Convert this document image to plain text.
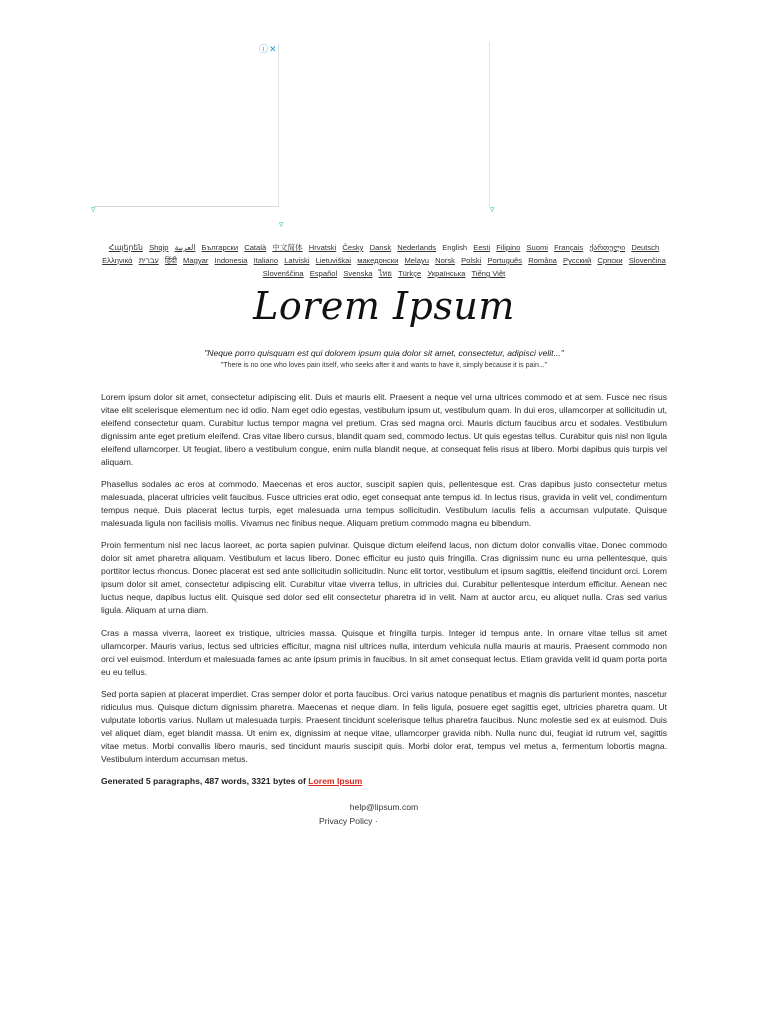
ⓘ✕
▿
▿
▿
Հայերեն Shqip العربية Български Català 中文简体 Hrvatski Česky Dansk Nederlands English Eesti Filipino Suomi Français ქართული Deutsch Ελληνικά עברית हिंदी Magyar Indonesia Italiano Latviski Lietuviškai македонски Melayu Norsk Polski Português Româna Pyccкий Српски Slovenčina Slovenščina Español Svenska ไทย Türkçe Українська Tiếng Việt
Lorem Ipsum
"Neque porro quisquam est qui dolorem ipsum quia dolor sit amet, consectetur, adipisci velit..."
"There is no one who loves pain itself, who seeks after it and wants to have it, simply because it is pain..."

Lorem ipsum dolor sit amet, consectetur adipiscing elit. Duis et mauris elit. Praesent a neque vel urna ultrices commodo et at sem. Fusce nec risus vitae elit scelerisque elementum nec id odio. Nam eget odio egestas, vestibulum ipsum ut, vestibulum quam. In dui eros, ullamcorper at sollicitudin ut, eleifend consectetur quam. Curabitur luctus tempor magna vel pretium. Cras sed magna orci. Mauris dictum faucibus arcu et sodales. Vestibulum dignissim ante eget pretium eleifend. Cras vitae libero cursus, blandit quam sed, commodo lectus. Ut quis egestas tellus. Curabitur quis nisl non ligula eleifend ullamcorper. Ut feugiat, libero a vestibulum congue, enim nulla blandit neque, at consequat felis risus at libero. Morbi dapibus quis turpis vel aliquam.

Phasellus sodales ac eros at commodo. Maecenas et eros auctor, suscipit sapien quis, pellentesque est. Cras dapibus justo consectetur metus malesuada, placerat ultricies velit faucibus. Fusce ultricies erat odio, eget consequat ante tempus id. In lectus risus, gravida in velit vel, condimentum tempus neque. Duis placerat lectus turpis, eget malesuada urna tempus sollicitudin. Vestibulum iaculis felis a accumsan vulputate. Quisque malesuada ligula non facilisis mollis. Vivamus nec finibus neque. Aliquam pretium commodo magna eu bibendum.

Proin fermentum nisl nec lacus laoreet, ac porta sapien pulvinar. Quisque dictum eleifend lacus, non dictum dolor convallis vitae. Donec commodo dolor sit amet pharetra aliquam. Vestibulum et lacus libero. Donec efficitur eu justo quis fringilla. Cras dignissim nunc eu urna pellentesque, quis porttitor lectus rhoncus. Donec placerat est sed ante sollicitudin sollicitudin. Nunc elit tortor, vestibulum et ipsum sagittis, eleifend tincidunt orci. Lorem ipsum dolor sit amet, consectetur adipiscing elit. Curabitur vitae viverra tellus, in ultricies dui. Curabitur pellentesque interdum efficitur. Aenean nec luctus neque, dapibus luctus elit. Quisque sed dolor sed elit consectetur pharetra id in velit. Nam at auctor arcu, eu aliquet nulla. Cras sed varius ligula. Aliquam at urna diam.

Cras a massa viverra, laoreet ex tristique, ultricies massa. Quisque et fringilla turpis. Integer id tempus ante. In ornare vitae tellus sit amet ullamcorper. Mauris varius, lectus sed ultricies efficitur, magna nisl ultrices nulla, interdum vehicula nulla mauris at mauris. Praesent commodo non orci vel euismod. Interdum et malesuada fames ac ante ipsum primis in faucibus. In sit amet consequat lectus. Etiam gravida velit id quam porta porta eu eu tellus.

Sed porta sapien at placerat imperdiet. Cras semper dolor et porta faucibus. Orci varius natoque penatibus et magnis dis parturient montes, nascetur ridiculus mus. Quisque dictum dignissim pharetra. Maecenas et neque diam. In felis ligula, posuere eget sagittis eget, ultricies pharetra quam. Ut vulputate lobortis varius. Nullam ut malesuada turpis. Praesent tincidunt scelerisque tellus pharetra faucibus. Nunc molestie sed ex at euismod. Duis vel aliquet diam, eget blandit massa. Ut enim ex, dignissim at neque vitae, ullamcorper gravida nibh. Nulla nunc dui, feugiat id rutrum vel, sagittis vitae metus. Morbi convallis libero mauris, sed tincidunt mauris suscipit quis. Morbi dolor erat, tempus vel metus a, fermentum lobortis magna. Vestibulum interdum accumsan metus.

Generated 5 paragraphs, 487 words, 3321 bytes of Lorem Ipsum
help@lipsum.com
Privacy Policy ·
